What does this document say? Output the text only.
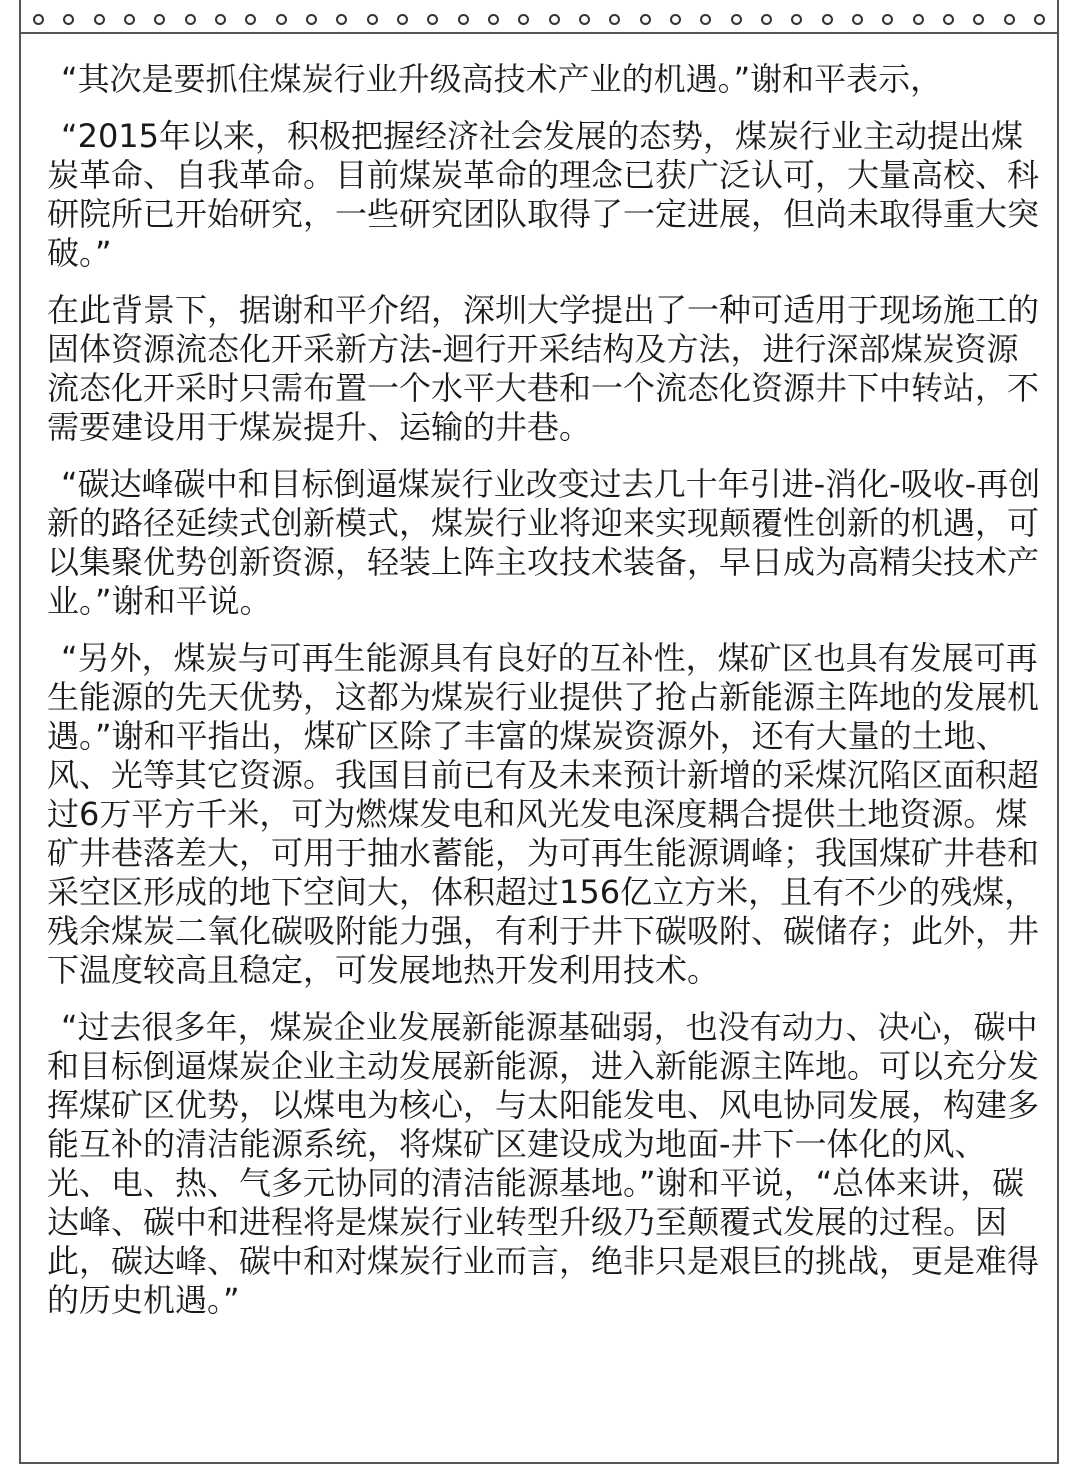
“其次是要抓住煤炭行业升级高技术产业的机遇。”谢和平表示，

“2015年以来，积极把握经济社会发展的态势，煤炭行业主动提出煤炭革命、自我革命。目前煤炭革命的理念已获广泛认可，大量高校、科研院所已开始研究，一些研究团队取得了一定进展，但尚未取得重大突破。”

在此背景下，据谢和平介绍，深圳大学提出了一种可适用于现场施工的固体资源流态化开采新方法-迴行开采结构及方法，进行深部煤炭资源流态化开采时只需布置一个水平大巷和一个流态化资源井下中转站，不需要建设用于煤炭提升、运输的井巷。

“碳达峰碳中和目标倒逼煤炭行业改变过去几十年引进-消化-吸收-再创新的路径延续式创新模式，煤炭行业将迎来实现颠覆性创新的机遇，可以集聚优势创新资源，轻装上阵主攻技术装备，早日成为高精尖技术产业。”谢和平说。

“另外，煤炭与可再生能源具有良好的互补性，煤矿区也具有发展可再生能源的先天优势，这都为煤炭行业提供了抢占新能源主阵地的发展机遇。”谢和平指出，煤矿区除了丰富的煤炭资源外，还有大量的土地、风、光等其它资源。我国目前已有及未来预计新增的采煤沉陷区面积超过6万平方千米，可为燃煤发电和风光发电深度耦合提供土地资源。煤矿井巷落差大，可用于抽水蓄能，为可再生能源调峰；我国煤矿井巷和采空区形成的地下空间大，体积超过156亿立方米，且有不少的残煤，残余煤炭二氧化碳吸附能力强，有利于井下碳吸附、碳储存；此外，井下温度较高且稳定，可发展地热开发利用技术。

“过去很多年，煤炭企业发展新能源基础弱，也没有动力、决心，碳中和目标倒逼煤炭企业主动发展新能源，进入新能源主阵地。可以充分发挥煤矿区优势，以煤电为核心，与太阳能发电、风电协同发展，构建多能互补的清洁能源系统，将煤矿区建设成为地面-井下一体化的风、光、电、热、气多元协同的清洁能源基地。”谢和平说，“总体来讲，碳达峰、碳中和进程将是煤炭行业转型升级乃至颠覆式发展的过程。因此，碳达峰、碳中和对煤炭行业而言，绝非只是艰巨的挑战，更是难得的历史机遇。”
